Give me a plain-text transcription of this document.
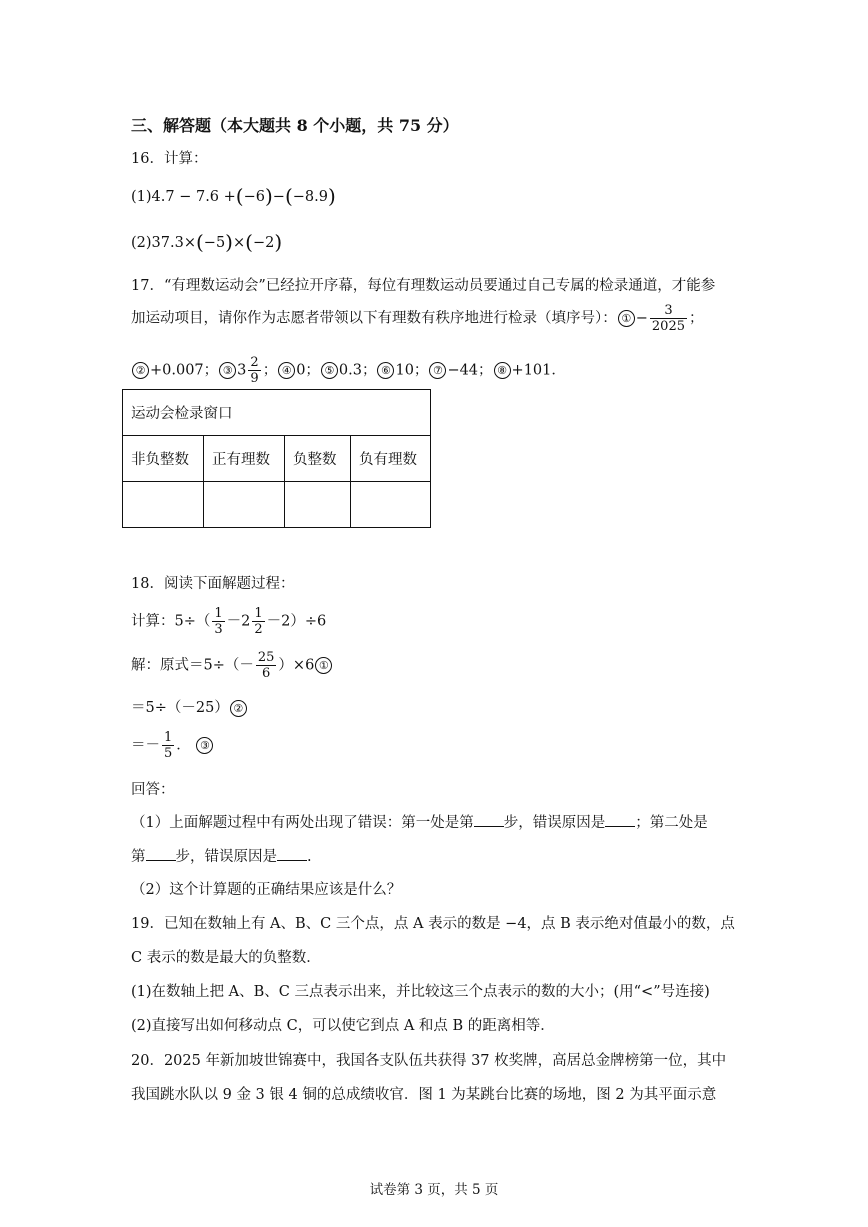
三、解答题（本大题共 8 个小题，共 75 分）
16．计算：
(1)4.7 − 7.6 +(−6)−(−8.9)
(2)37.3×(−5)×(−2)
17．“有理数运动会”已经拉开序幕，每位有理数运动员要通过自己专属的检录通道，才能参
加运动项目，请你作为志愿者带领以下有理数有秩序地进行检录（填序号）： ① − $\frac{3}{2025}$ ；
② +0.007； ③ $3 \frac{2}{9}$ ； ④ 0； ⑤ 0.3； ⑥ 10； ⑦ −44； ⑧ +101．
运动会检录窗口			
非负整数	正有理数	负整数	负有理数

18．阅读下面解题过程：
计算：$5\div( \frac{1}{3} -2 \frac{1}{2} -2)\div 6$
解：原式$=5\div(- \frac{25}{6} )\times 6$ ①
＝5÷（－25） ②
＝－ $\frac{1}{5}$ ． ③
回答：
（1）上面解题过程中有两处出现了错误：第一处是第 步，错误原因是 ；第二处是
第 步，错误原因是 .
（2）这个计算题的正确结果应该是什么？
19．已知在数轴上有 A、B、C 三个点，点 A 表示的数是 −4，点 B 表示绝对值最小的数，点
C 表示的数是最大的负整数．
(1)在数轴上把 A、B、C 三点表示出来，并比较这三个点表示的数的大小；(用“<”号连接)
(2)直接写出如何移动点 C，可以使它到点 A 和点 B 的距离相等．
20．2025 年新加坡世锦赛中，我国各支队伍共获得 37 枚奖牌，高居总金牌榜第一位，其中
我国跳水队以 9 金 3 银 4 铜的总成绩收官．图 1 为某跳台比赛的场地，图 2 为其平面示意
试卷第 3 页，共 5 页
